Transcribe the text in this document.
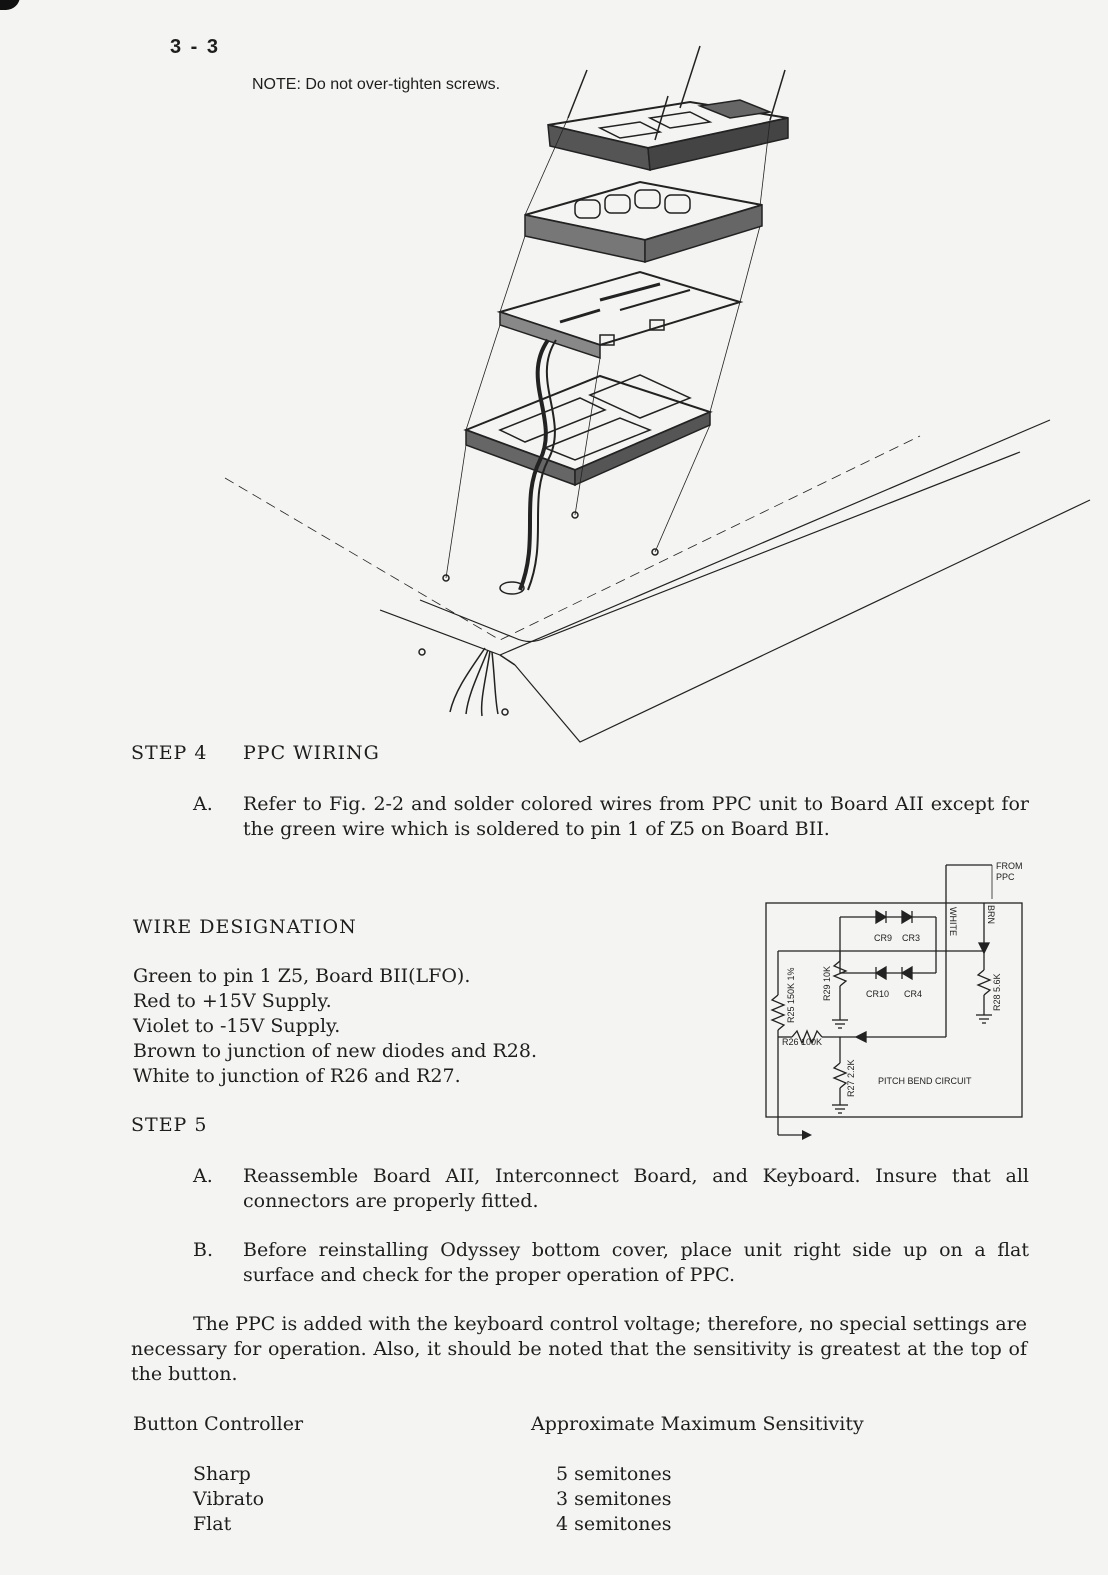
3 - 3
NOTE: Do not over-tighten screws.
STEP 4 PPC WIRING
A. Refer to Fig. 2-2 and solder colored wires from PPC unit to Board AII except for the green wire which is soldered to pin 1 of Z5 on Board BII.
WIRE DESIGNATION
Green to pin 1 Z5, Board BII(LFO).
Red to +15V Supply.
Violet to -15V Supply.
Brown to junction of new diodes and R28.
White to junction of R26 and R27.
FROM
PPC
CR9 CR3
CR10 CR4
R26 100K
PITCH BEND CIRCUIT
WHITE	BRN
R25 150K 1%	R29 10K	R28 5.6K
R27 2.2K
STEP 5
A. Reassemble Board AII, Interconnect Board, and Keyboard. Insure that all connectors are properly fitted.
B. Before reinstalling Odyssey bottom cover, place unit right side up on a flat surface and check for the proper operation of PPC.
The PPC is added with the keyboard control voltage; therefore, no special settings are necessary for operation. Also, it should be noted that the sensitivity is greatest at the top of the button.
Button Controller	Approximate Maximum Sensitivity
Sharp	5 semitones
Vibrato	3 semitones
Flat	4 semitones
